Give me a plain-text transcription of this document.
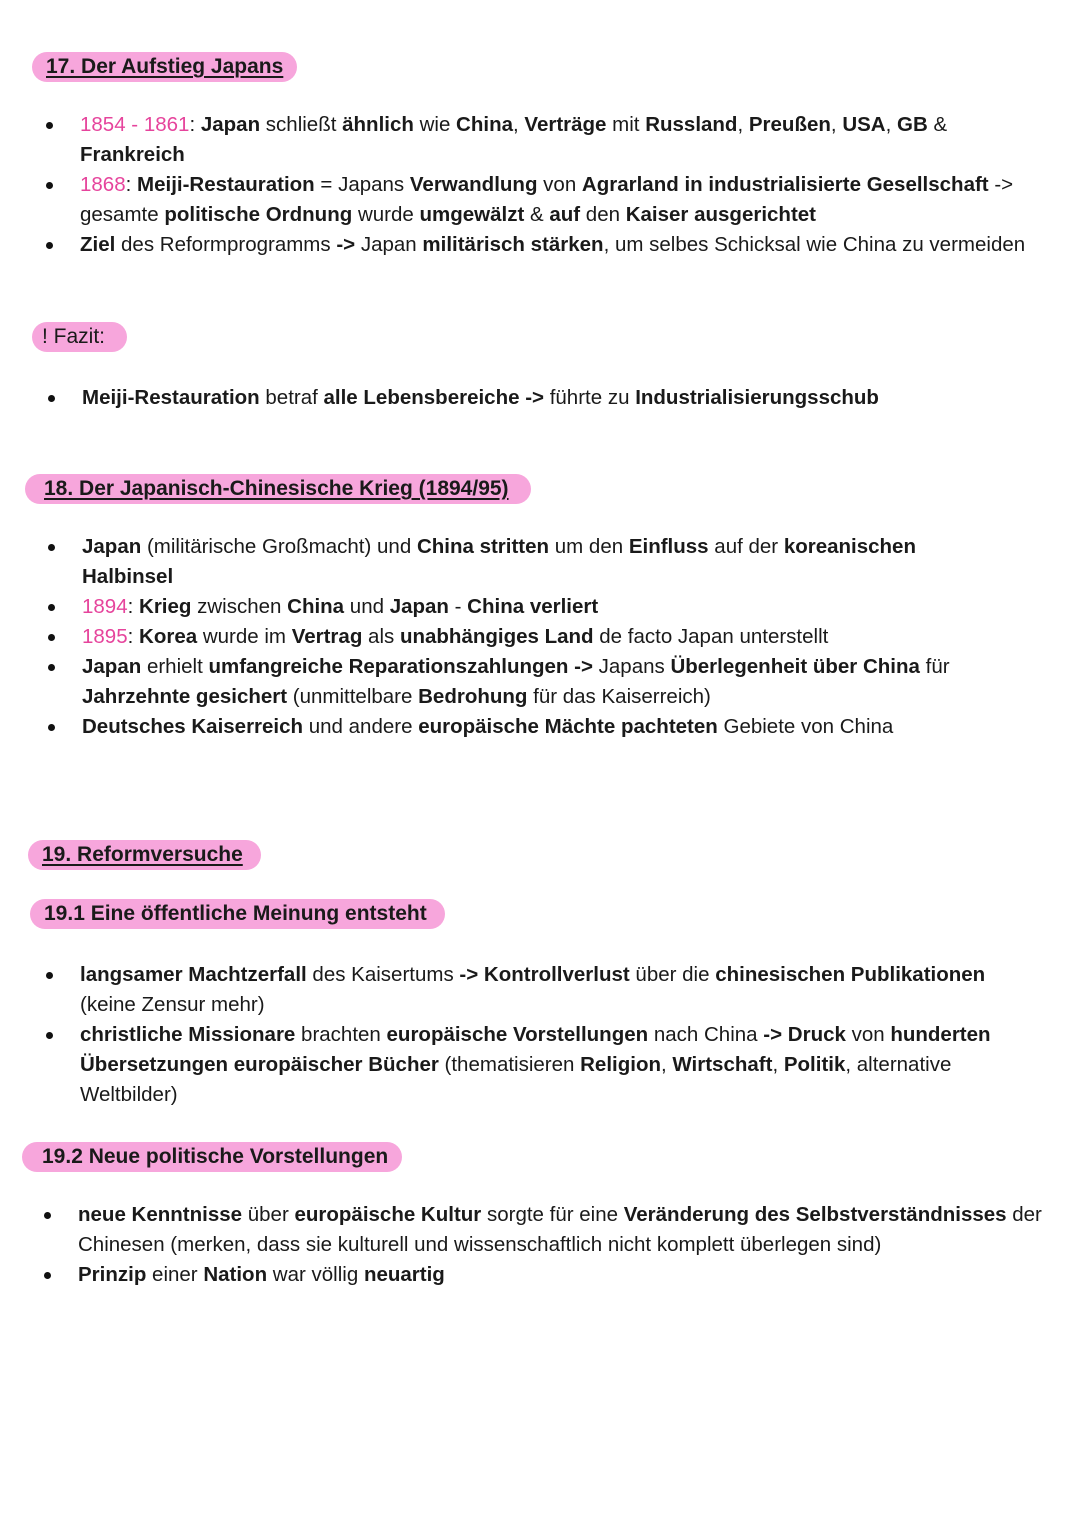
17. Der Aufstieg Japans
1854 - 1861: Japan schließt ähnlich wie China, Verträge mit Russland, Preußen, USA, GB & Frankreich
1868: Meiji-Restauration = Japans Verwandlung von Agrarland in industrialisierte Gesellschaft -> gesamte politische Ordnung wurde umgewälzt & auf den Kaiser ausgerichtet
Ziel des Reformprogramms -> Japan militärisch stärken, um selbes Schicksal wie China zu vermeiden
! Fazit:
Meiji-Restauration betraf alle Lebensbereiche -> führte zu Industrialisierungsschub
18. Der Japanisch-Chinesische Krieg (1894/95)
Japan (militärische Großmacht) und China stritten um den Einfluss auf der koreanischen Halbinsel
1894: Krieg zwischen China und Japan - China verliert
1895: Korea wurde im Vertrag als unabhängiges Land de facto Japan unterstellt
Japan erhielt umfangreiche Reparationszahlungen -> Japans Überlegenheit über China für Jahrzehnte gesichert (unmittelbare Bedrohung für das Kaiserreich)
Deutsches Kaiserreich und andere europäische Mächte pachteten Gebiete von China
19. Reformversuche
19.1 Eine öffentliche Meinung entsteht
langsamer Machtzerfall des Kaisertums -> Kontrollverlust über die chinesischen Publikationen (keine Zensur mehr)
christliche Missionare brachten europäische Vorstellungen nach China -> Druck von hunderten Übersetzungen europäischer Bücher (thematisieren Religion, Wirtschaft, Politik, alternative Weltbilder)
19.2 Neue politische Vorstellungen
neue Kenntnisse über europäische Kultur sorgte für eine Veränderung des Selbstverständnisses der Chinesen (merken, dass sie kulturell und wissenschaftlich nicht komplett überlegen sind)
Prinzip einer Nation war völlig neuartig
